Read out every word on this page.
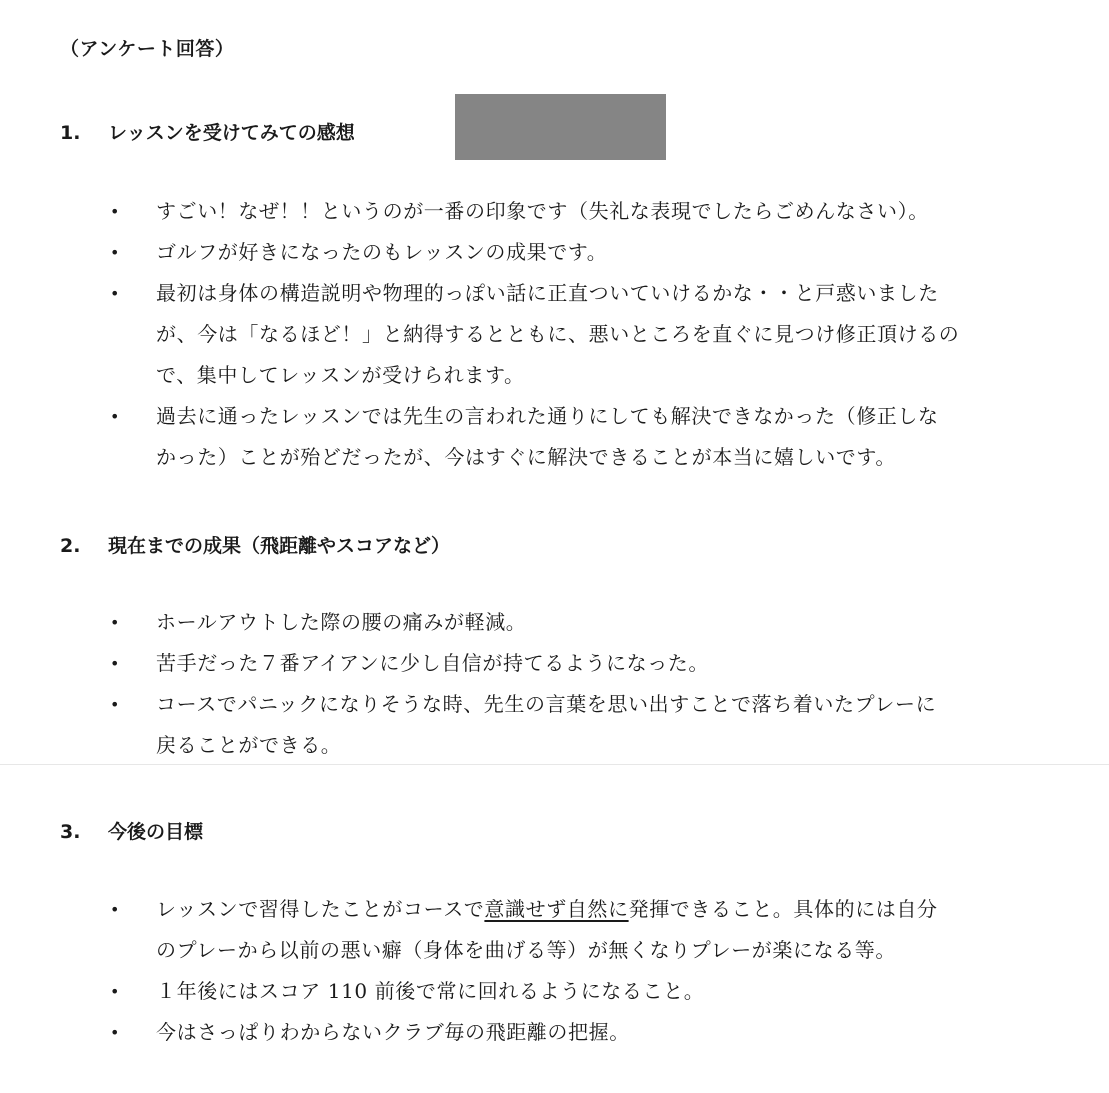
（アンケート回答）
1. レッスンを受けてみての感想
• すごい！なぜ！！というのが一番の印象です（失礼な表現でしたらごめんなさい）。
• ゴルフが好きになったのもレッスンの成果です。
• 最初は身体の構造説明や物理的っぽい話に正直ついていけるかな・・と戸惑いました
が、今は「なるほど！」と納得するとともに、悪いところを直ぐに見つけ修正頂けるの
で、集中してレッスンが受けられます。
• 過去に通ったレッスンでは先生の言われた通りにしても解決できなかった（修正しな
かった）ことが殆どだったが、今はすぐに解決できることが本当に嬉しいです。
2. 現在までの成果（飛距離やスコアなど）
• ホールアウトした際の腰の痛みが軽減。
• 苦手だった７番アイアンに少し自信が持てるようになった。
• コースでパニックになりそうな時、先生の言葉を思い出すことで落ち着いたプレーに
戻ることができる。
3. 今後の目標
• レッスンで習得したことがコースで意識せず自然に発揮できること。具体的には自分
のプレーから以前の悪い癖（身体を曲げる等）が無くなりプレーが楽になる等。
• １年後にはスコア 110 前後で常に回れるようになること。
• 今はさっぱりわからないクラブ毎の飛距離の把握。
